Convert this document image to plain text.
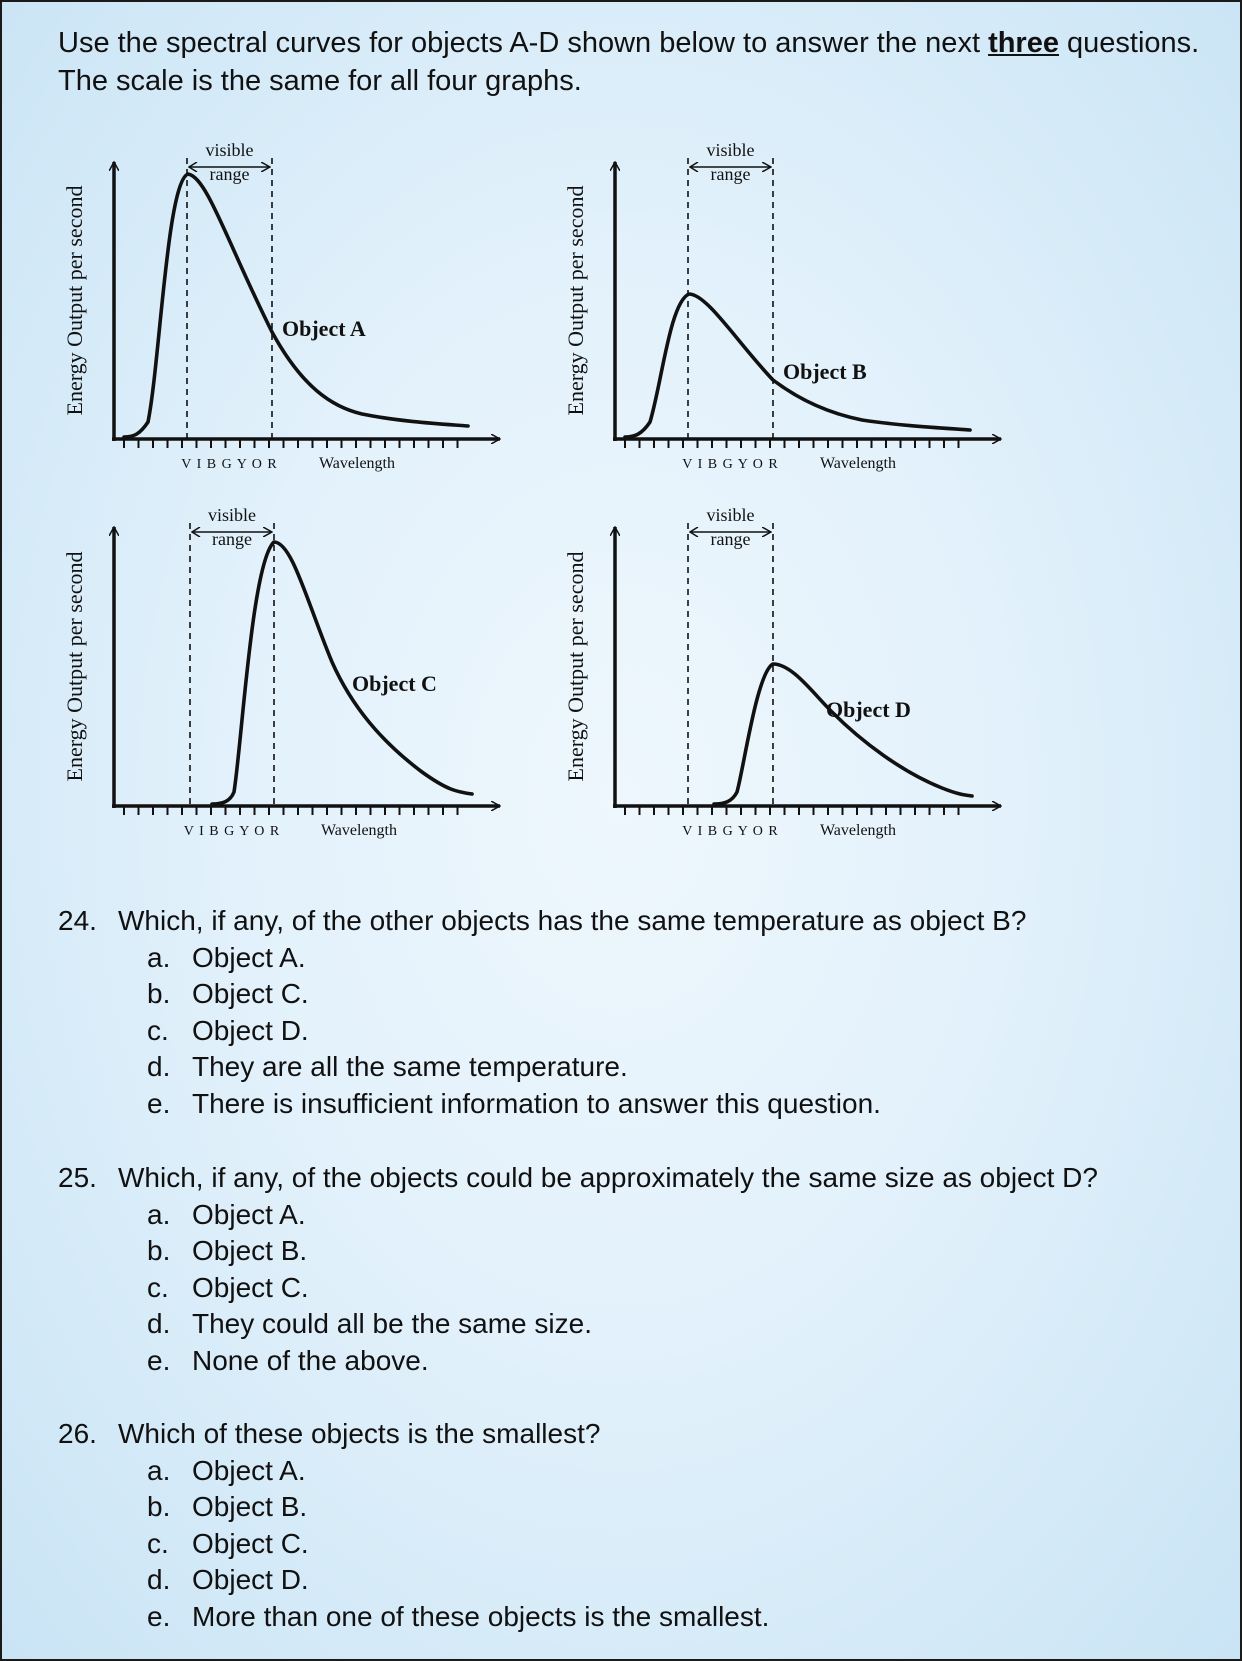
Use the spectral curves for objects A-D shown below to answer the next three questions. The scale is the same for all four graphs.

visible
range
Object A
V I B G Y O R	Wavelength
Energy Output per second
visible
range
Object B
V I B G Y O R	Wavelength
Energy Output per second
visible
range
Object C
V I B G Y O R	Wavelength
Energy Output per second
visible
range
Object D
V I B G Y O R	Wavelength
Energy Output per second
24. Which, if any, of the other objects has the same temperature as object B?
a. Object A.
b. Object C.
c. Object D.
d. They are all the same temperature.
e. There is insufficient information to answer this question.
25. Which, if any, of the objects could be approximately the same size as object D?
a. Object A.
b. Object B.
c. Object C.
d. They could all be the same size.
e. None of the above.
26. Which of these objects is the smallest?
a. Object A.
b. Object B.
c. Object C.
d. Object D.
e. More than one of these objects is the smallest.
